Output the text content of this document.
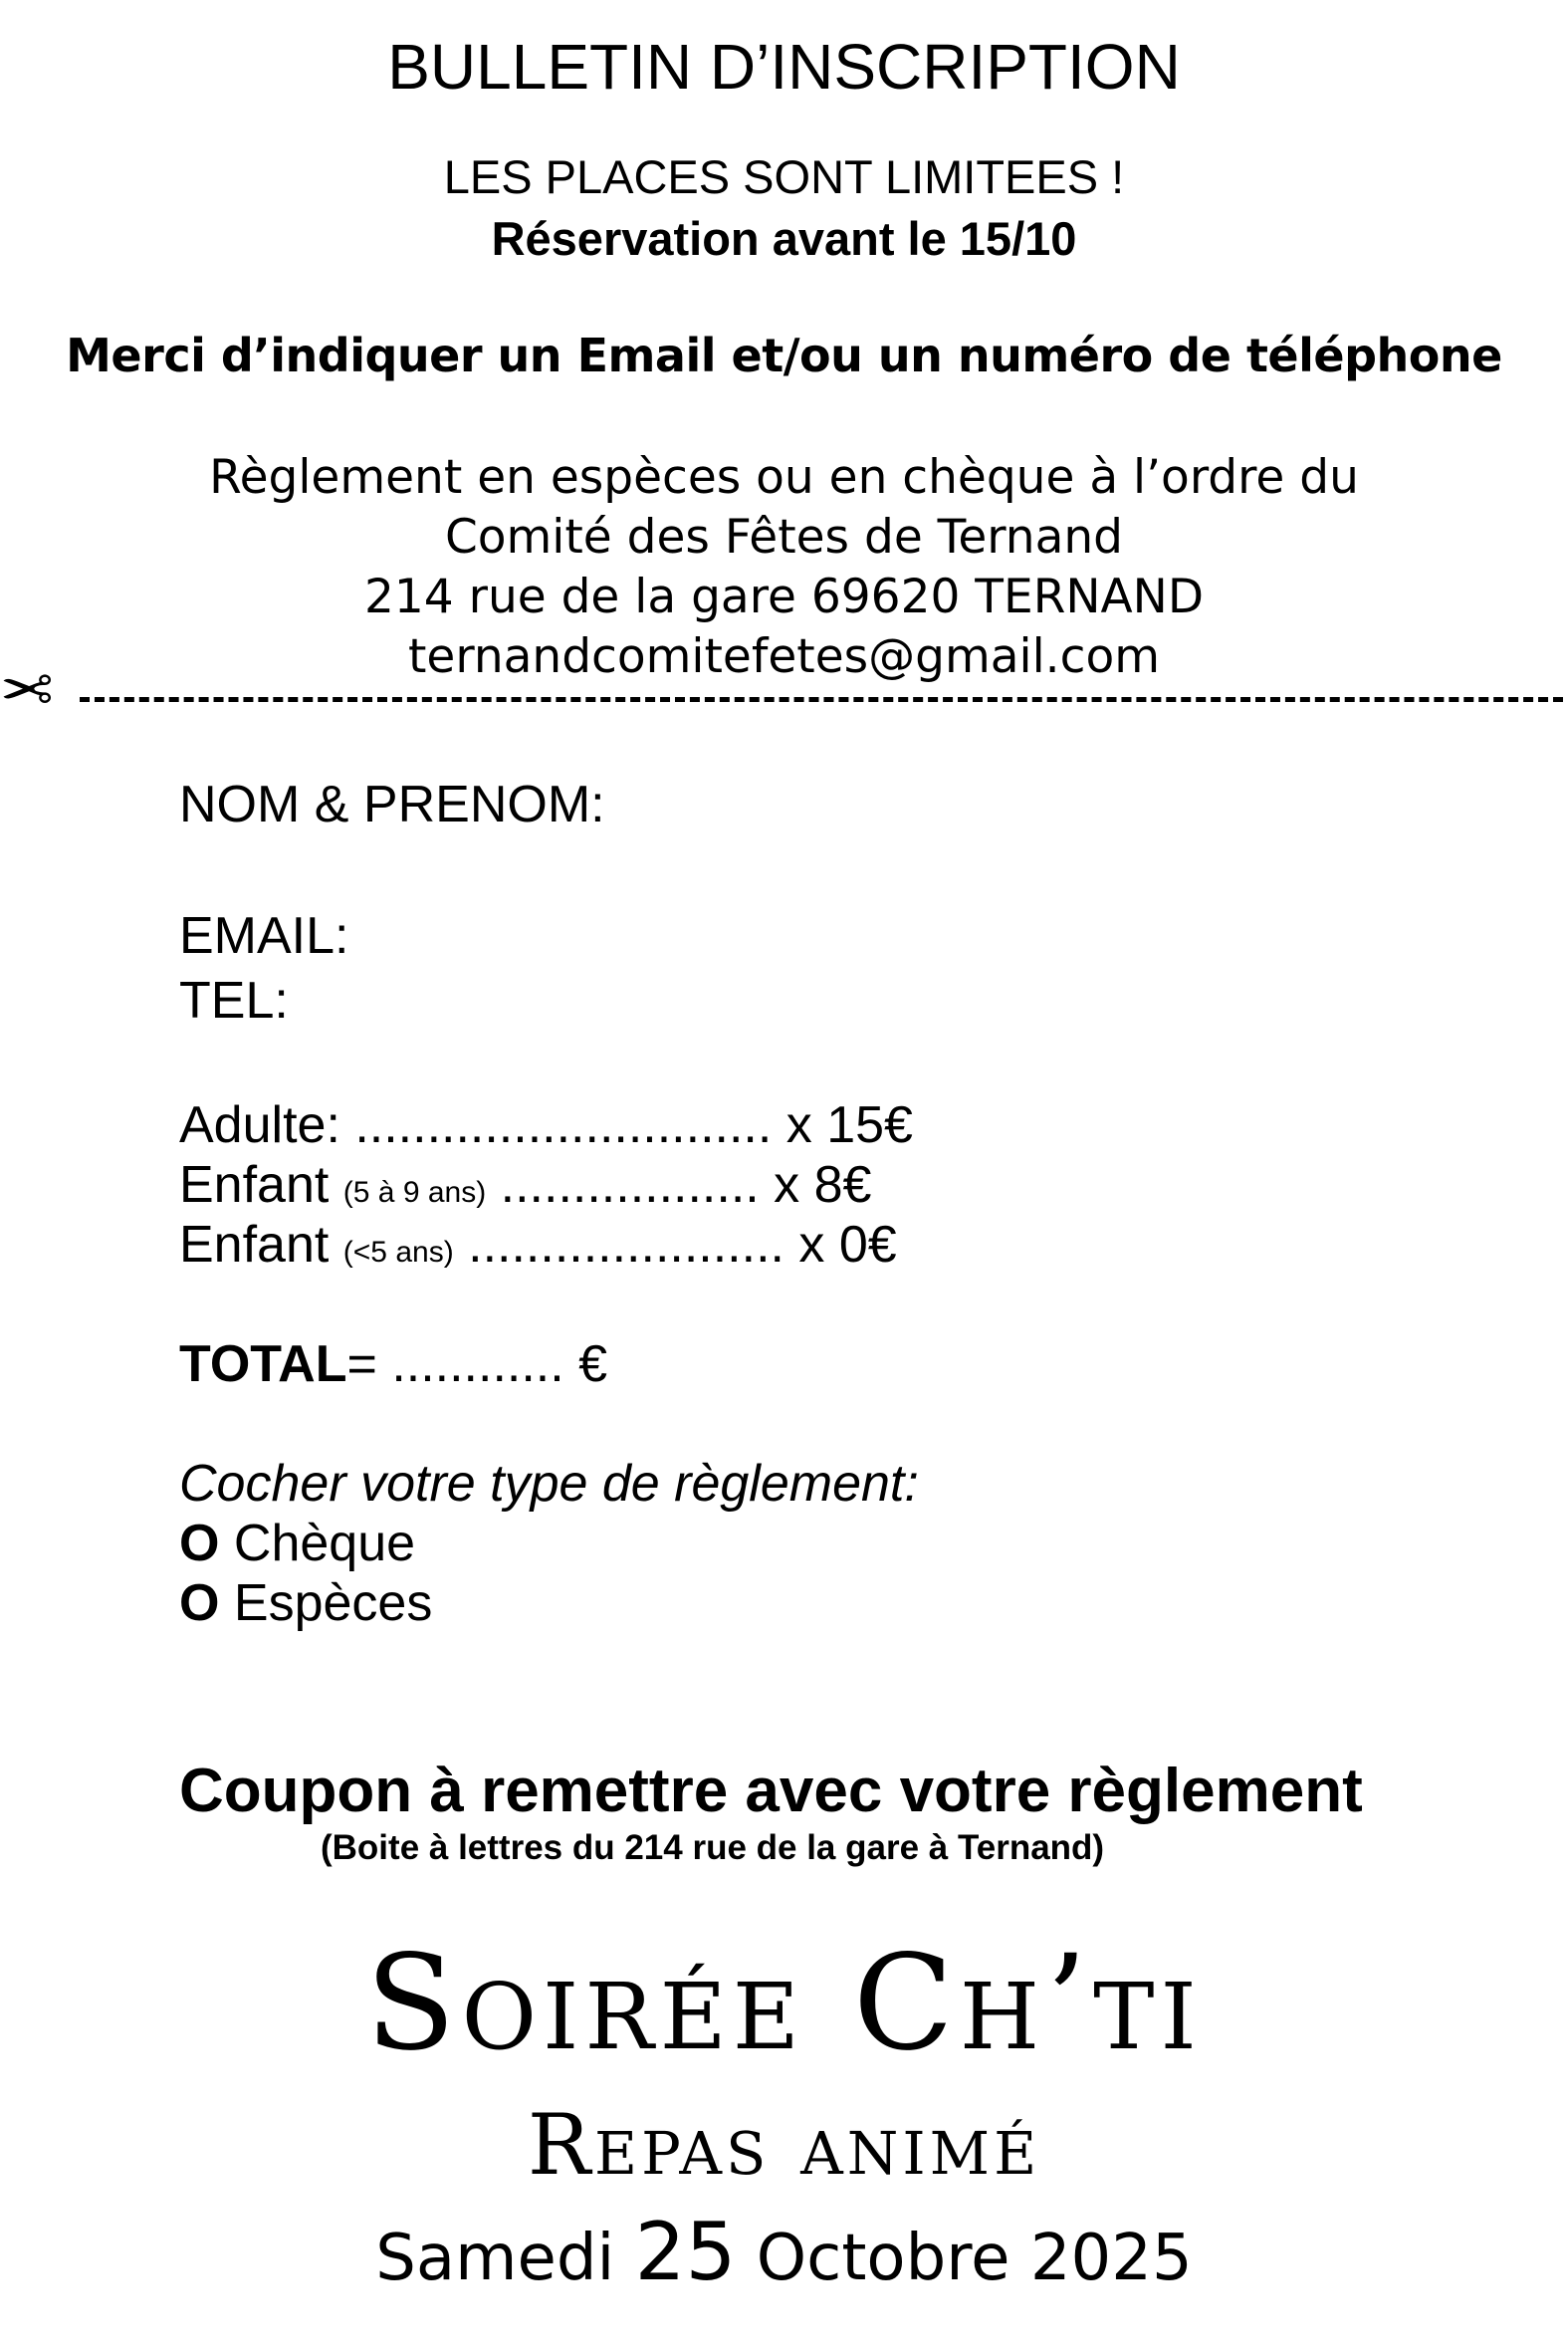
BULLETIN D’INSCRIPTION
LES PLACES SONT LIMITEES !
Réservation avant le 15/10
Merci d’indiquer un Email et/ou un numéro de téléphone
Règlement en espèces ou en chèque à l’ordre du
Comité des Fêtes de Ternand
214 rue de la gare 69620 TERNAND
ternandcomitefetes@gmail.com
✂
NOM & PRENOM:
EMAIL:
TEL:
Adulte: ............................. x 15€
Enfant (5 à 9 ans) .................. x 8€
Enfant (<5 ans) ...................... x 0€
TOTAL= ............ €
Cocher votre type de règlement:
O Chèque
O Espèces
Coupon à remettre avec votre règlement
(Boite à lettres du 214 rue de la gare à Ternand)
Soirée Ch’ti
Repas animé
Samedi 25 Octobre 2025
